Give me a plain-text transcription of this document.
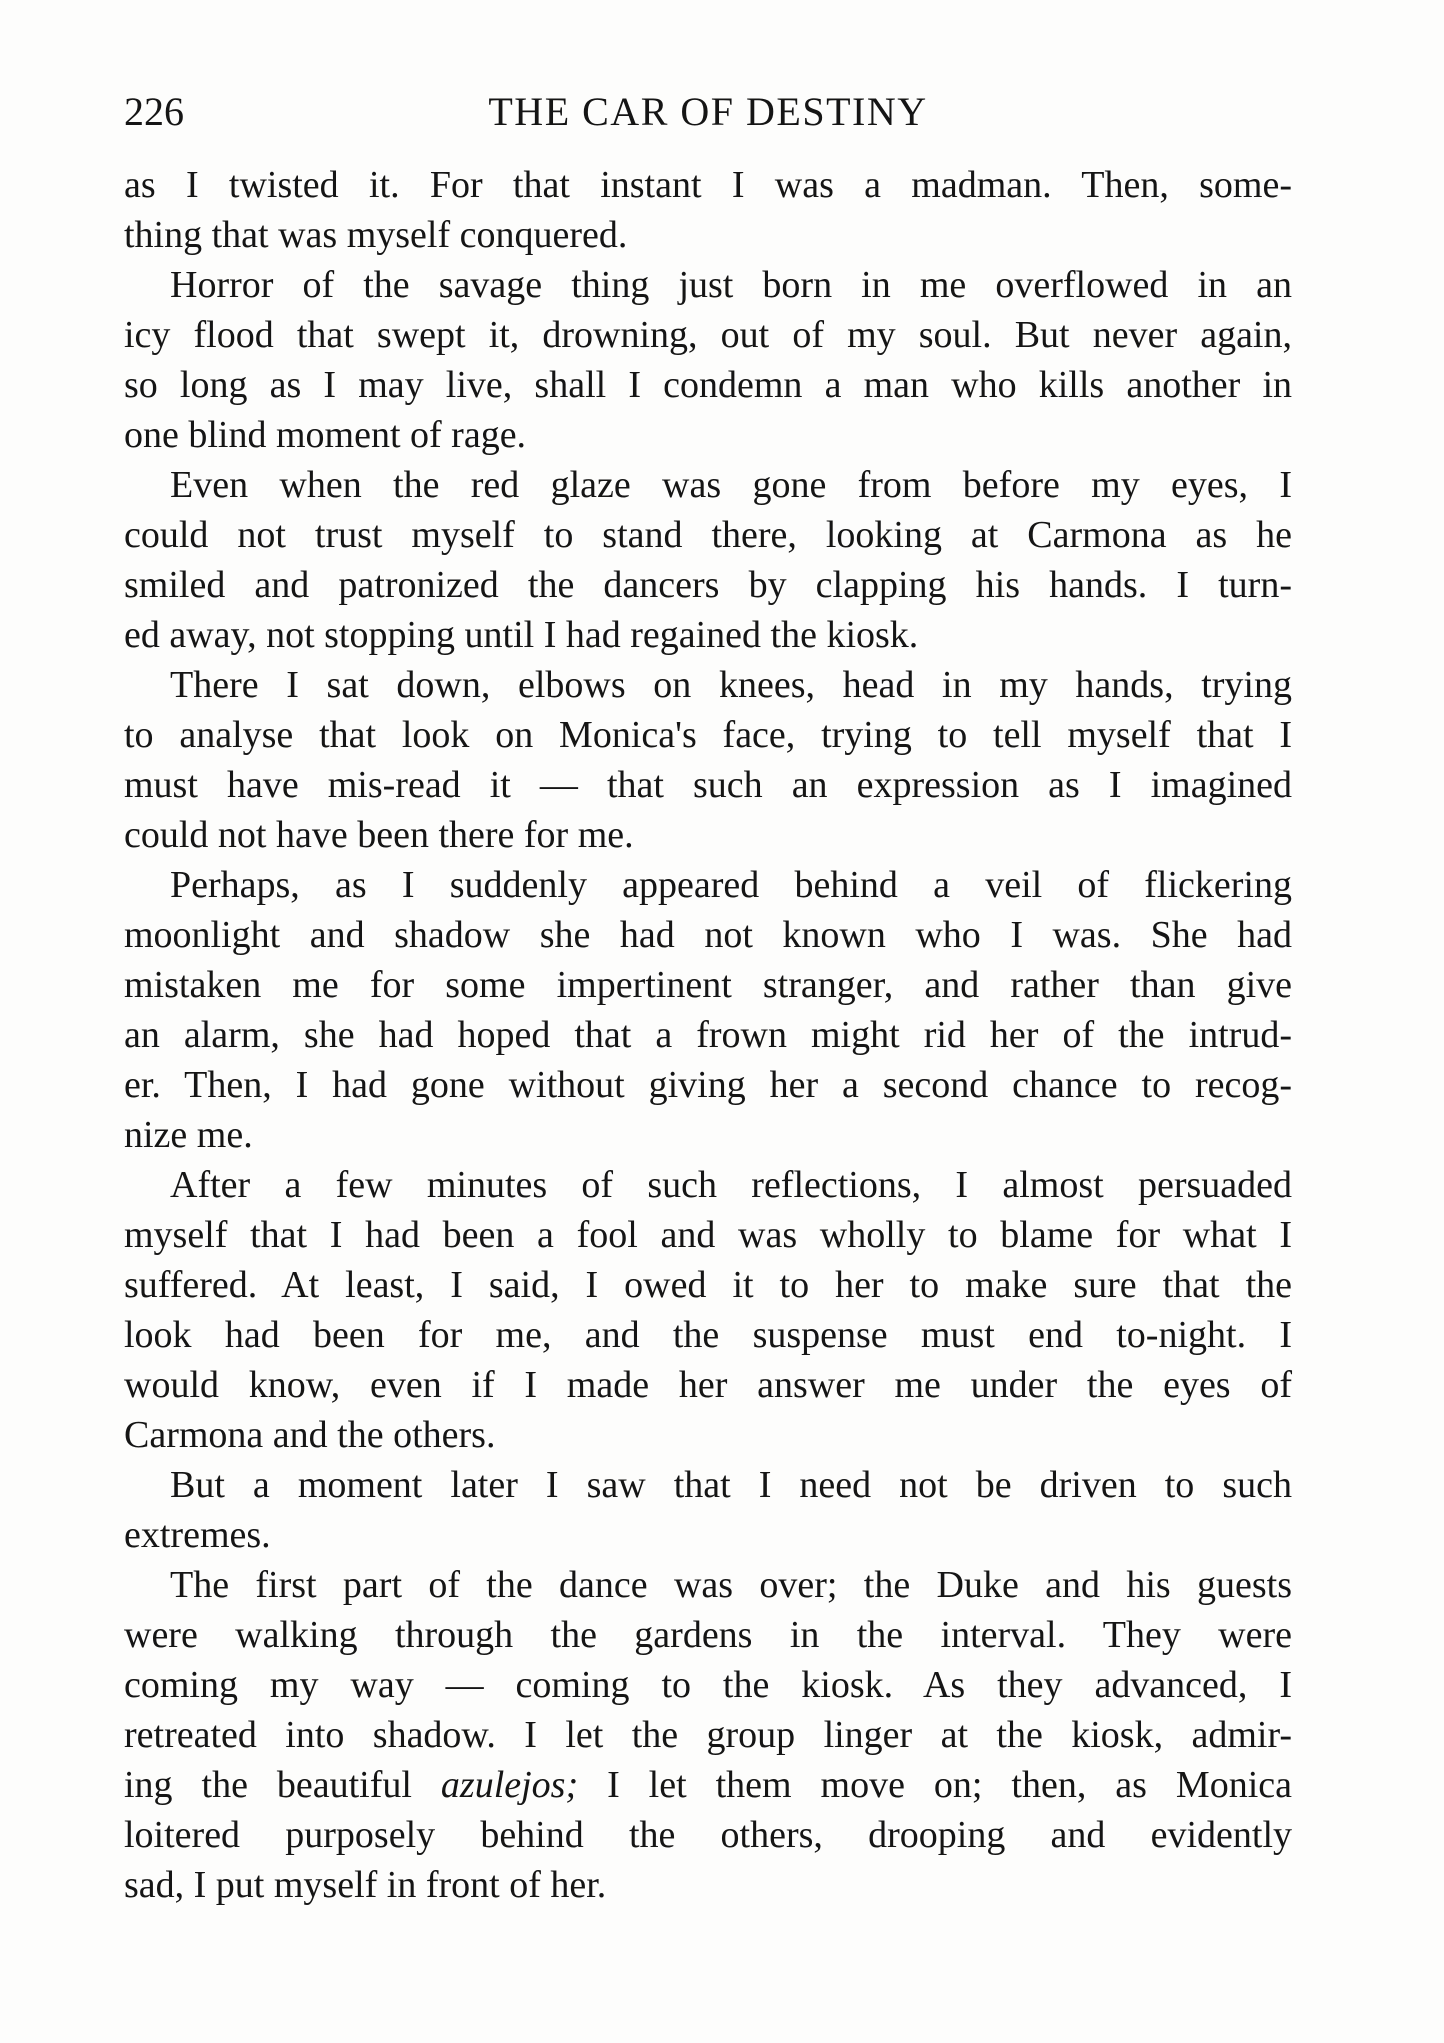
226	THE CAR OF DESTINY

as I twisted it. For that instant I was a madman. Then, some-
thing that was myself conquered.

Horror of the savage thing just born in me overflowed in an
icy flood that swept it, drowning, out of my soul. But never again,
so long as I may live, shall I condemn a man who kills another in
one blind moment of rage.

Even when the red glaze was gone from before my eyes, I
could not trust myself to stand there, looking at Carmona as he
smiled and patronized the dancers by clapping his hands. I turn-
ed away, not stopping until I had regained the kiosk.

There I sat down, elbows on knees, head in my hands, trying
to analyse that look on Monica's face, trying to tell myself that I
must have mis-read it — that such an expression as I imagined
could not have been there for me.

Perhaps, as I suddenly appeared behind a veil of flickering
moonlight and shadow she had not known who I was. She had
mistaken me for some impertinent stranger, and rather than give
an alarm, she had hoped that a frown might rid her of the intrud-
er. Then, I had gone without giving her a second chance to recog-
nize me.

After a few minutes of such reflections, I almost persuaded
myself that I had been a fool and was wholly to blame for what I
suffered. At least, I said, I owed it to her to make sure that the
look had been for me, and the suspense must end to-night. I
would know, even if I made her answer me under the eyes of
Carmona and the others.

But a moment later I saw that I need not be driven to such
extremes.

The first part of the dance was over; the Duke and his guests
were walking through the gardens in the interval. They were
coming my way — coming to the kiosk. As they advanced, I
retreated into shadow. I let the group linger at the kiosk, admir-
ing the beautiful azulejos; I let them move on; then, as Monica
loitered purposely behind the others, drooping and evidently
sad, I put myself in front of her.
